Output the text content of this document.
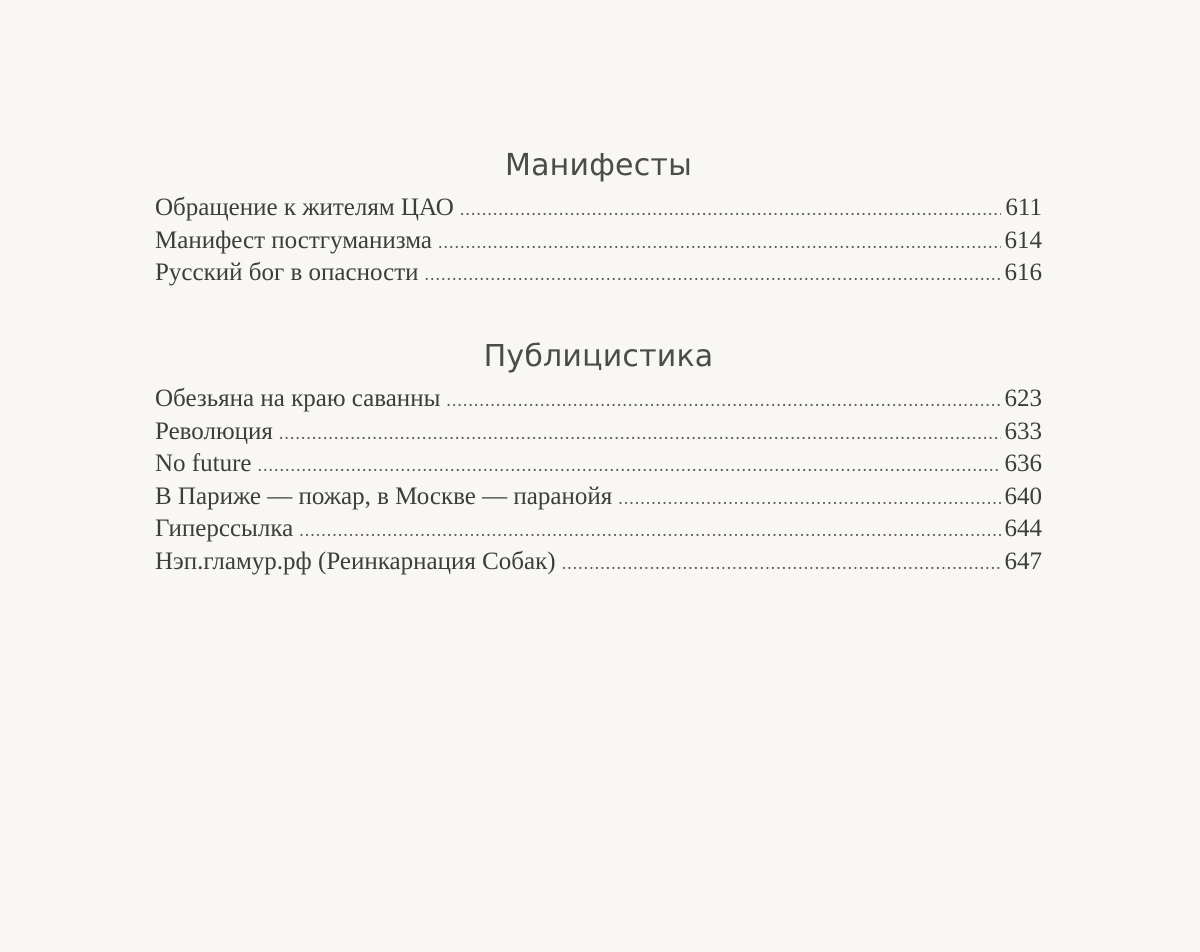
Манифесты
Обращение к жителям ЦАО .....	611
Манифест постгуманизма .....	614
Русский бог в опасности .....	616
Публицистика
Обезьяна на краю саванны .....	623
Революция .....	633
No future .....	636
В Париже — пожар, в Москве — паранойя .....	640
Гиперссылка .....	644
Нэп.гламур.рф (Реинкарнация Собак) .....	647
